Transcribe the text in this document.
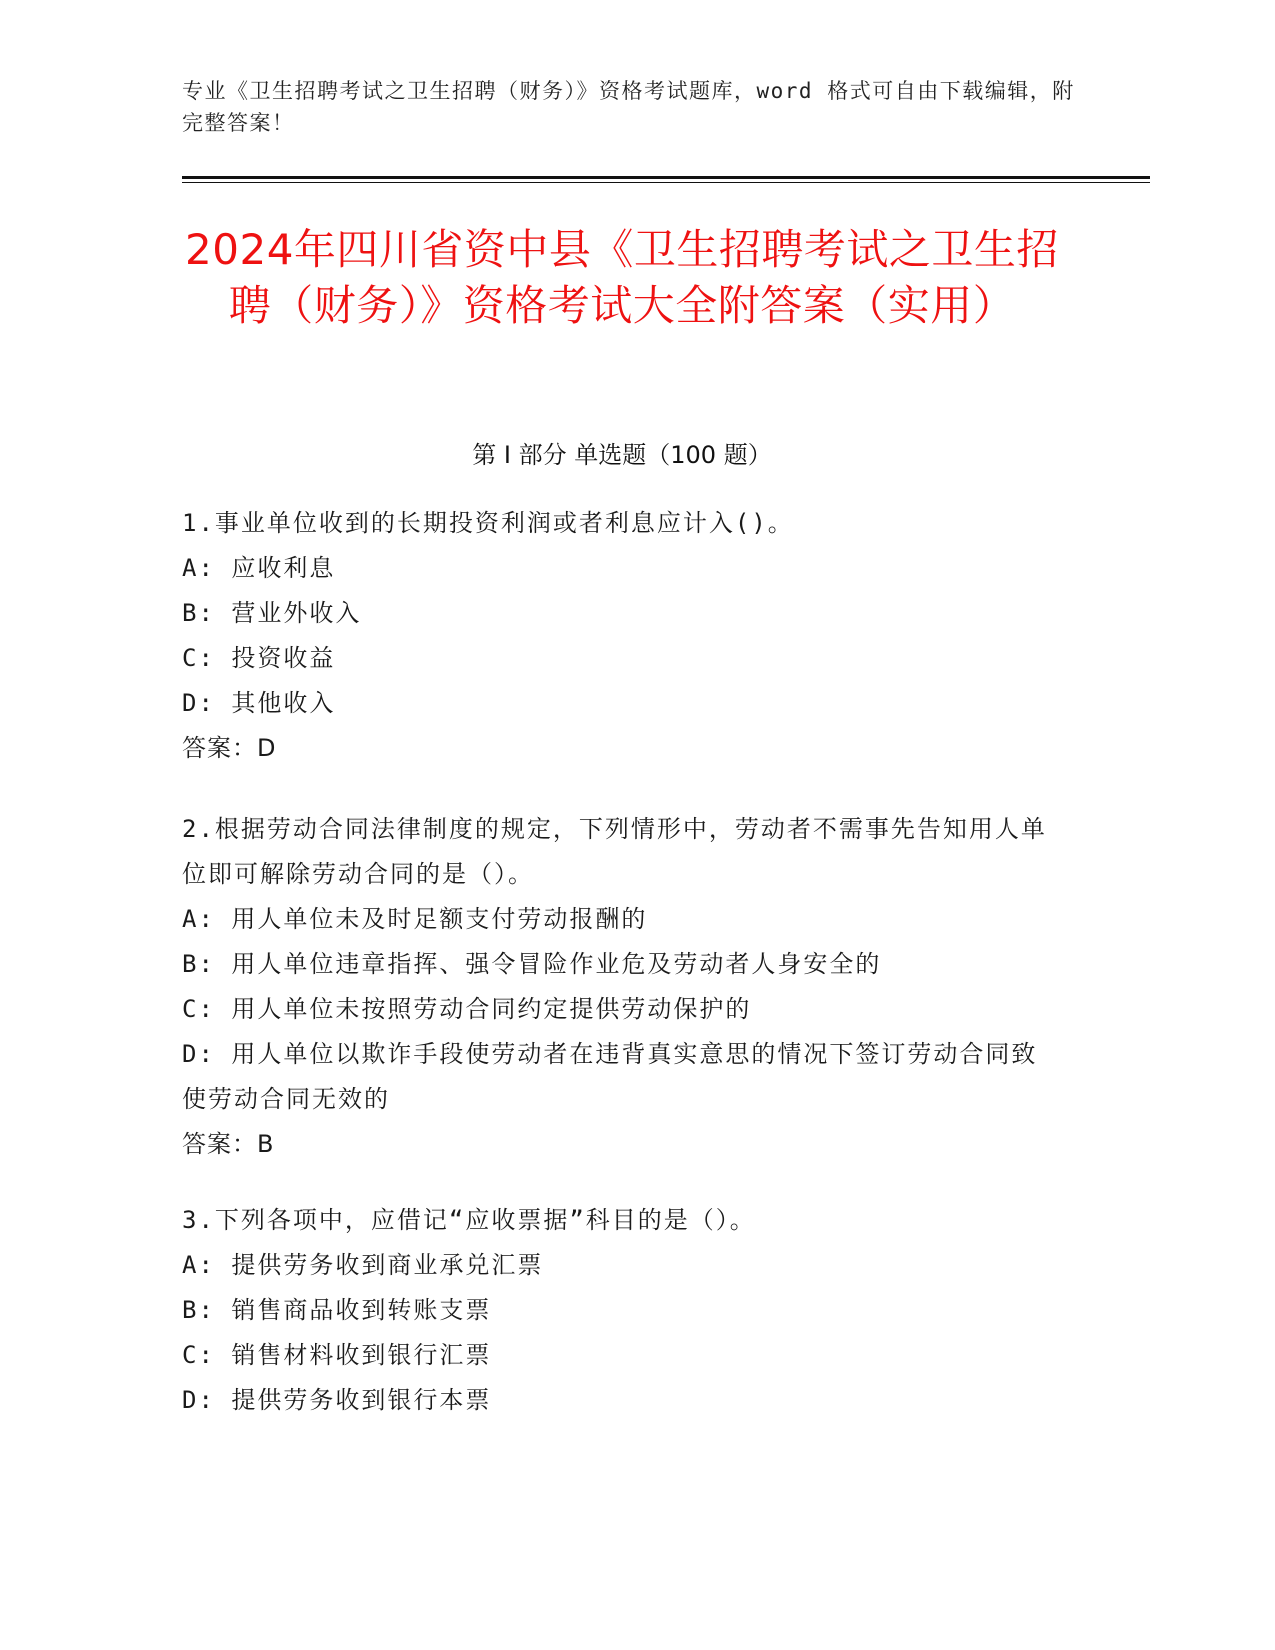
专业《卫生招聘考试之卫生招聘（财务）》资格考试题库，word 格式可自由下载编辑，附完整答案！
2024年四川省资中县《卫生招聘考试之卫生招聘（财务）》资格考试大全附答案（实用）
第 I 部分 单选题（100 题）
1.事业单位收到的长期投资利润或者利息应计入()。
A: 应收利息
B: 营业外收入
C: 投资收益
D: 其他收入
答案：D
2.根据劳动合同法律制度的规定，下列情形中，劳动者不需事先告知用人单位即可解除劳动合同的是（）。
A: 用人单位未及时足额支付劳动报酬的
B: 用人单位违章指挥、强令冒险作业危及劳动者人身安全的
C: 用人单位未按照劳动合同约定提供劳动保护的
D: 用人单位以欺诈手段使劳动者在违背真实意思的情况下签订劳动合同致使劳动合同无效的
答案：B
3.下列各项中，应借记“应收票据”科目的是（）。
A: 提供劳务收到商业承兑汇票
B: 销售商品收到转账支票
C: 销售材料收到银行汇票
D: 提供劳务收到银行本票
